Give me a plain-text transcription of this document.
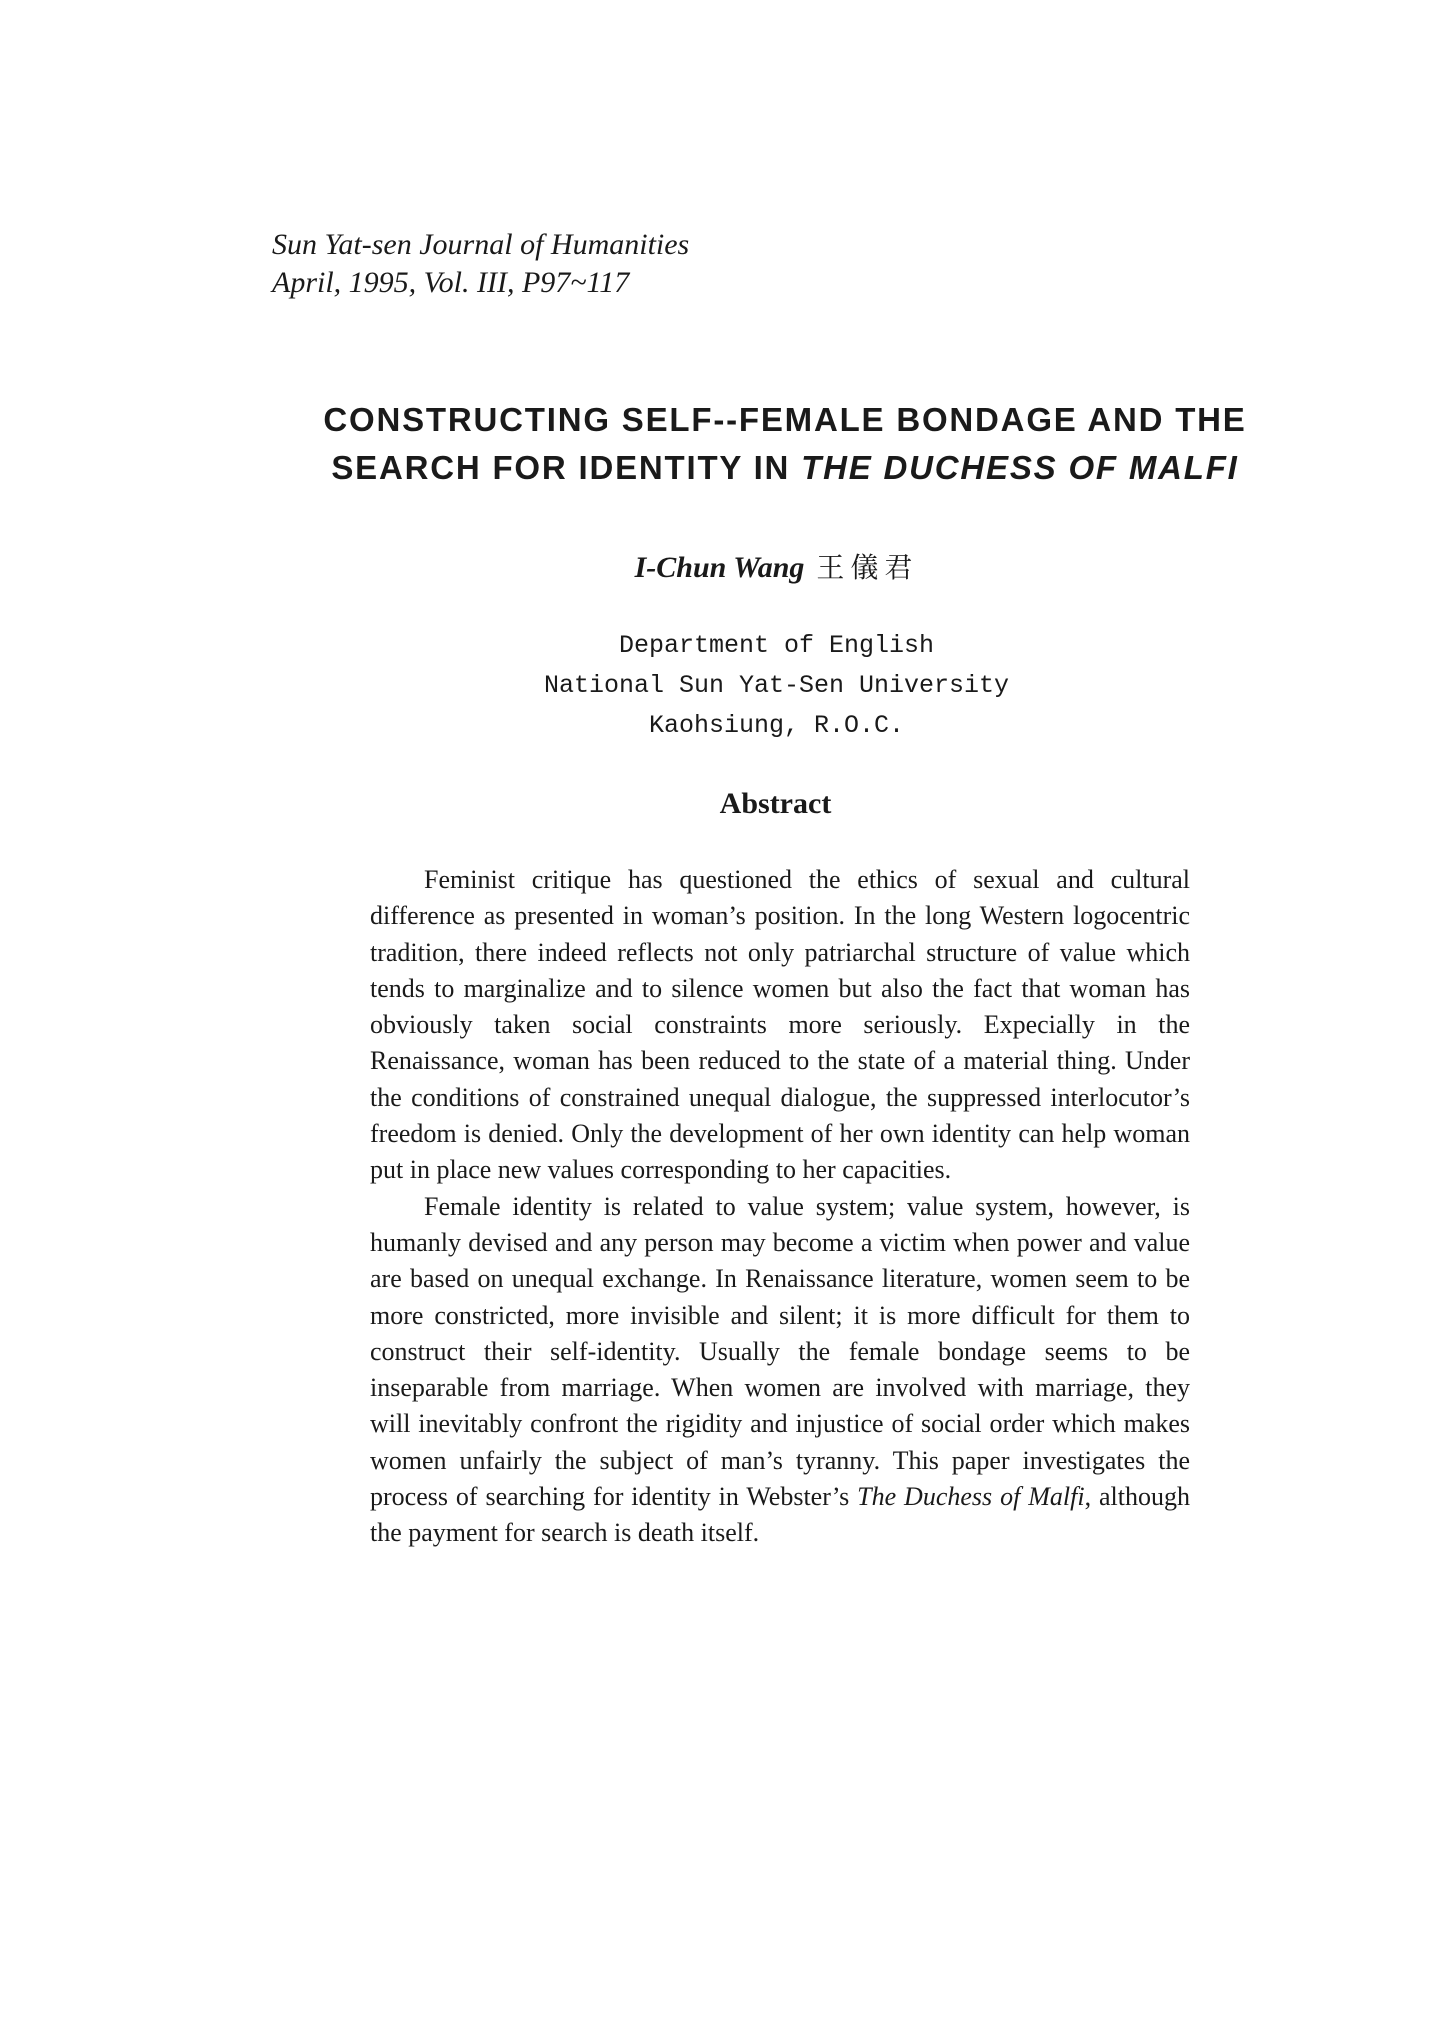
Sun Yat-sen Journal of Humanities
April, 1995, Vol. III, P97~117
CONSTRUCTING SELF--FEMALE BONDAGE AND THE
SEARCH FOR IDENTITY IN THE DUCHESS OF MALFI
I-Chun Wang 王儀君
Department of English
National Sun Yat-Sen University
Kaohsiung, R.O.C.
Abstract

Feminist critique has questioned the ethics of sexual and cultural difference as presented in woman’s position. In the long Western logocentric tradition, there indeed reflects not only patriarchal structure of value which tends to marginalize and to silence women but also the fact that woman has obviously taken social constraints more seriously. Expecially in the Renaissance, woman has been reduced to the state of a material thing. Under the conditions of constrained unequal dialogue, the suppressed interlocutor’s freedom is denied. Only the development of her own identity can help woman put in place new values corresponding to her capacities.

Female identity is related to value system; value system, however, is humanly devised and any person may become a victim when power and value are based on unequal exchange. In Renaissance literature, women seem to be more constricted, more invisible and silent; it is more difficult for them to construct their self-identity. Usually the female bondage seems to be inseparable from marriage. When women are involved with marriage, they will inevitably confront the rigidity and injustice of social order which makes women unfairly the subject of man’s tyranny. This paper investigates the process of searching for identity in Webster’s The Duchess of Malfi, although the payment for search is death itself.
